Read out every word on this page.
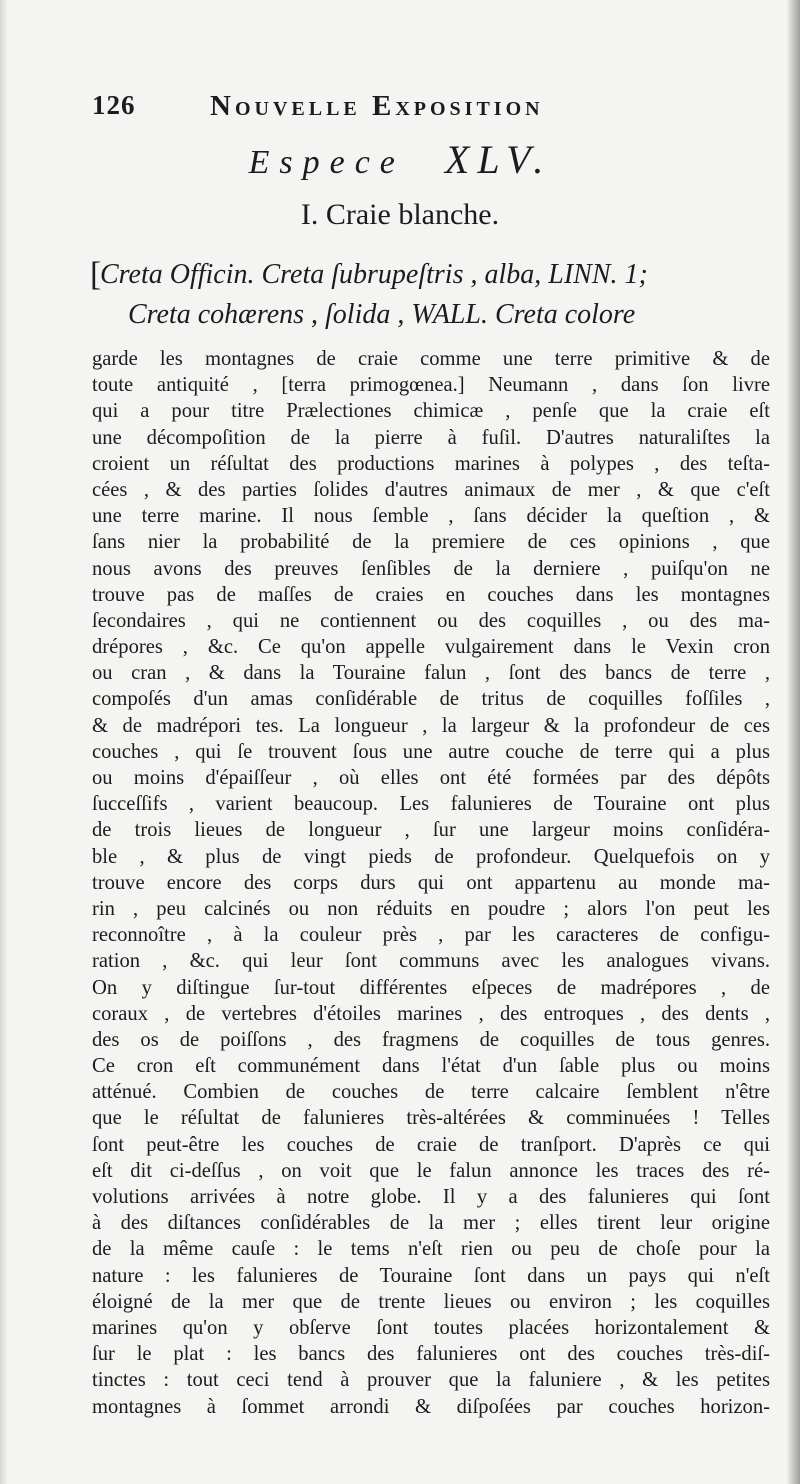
126	Nouvelle Exposition
Espece XLV.
I. Craie blanche.
[
Creta Officin. Creta ſubrupeſtris , alba, LINN. 1;
Creta cohærens , ſolida , WALL. Creta colore
garde les montagnes de craie comme une terre primitive & de
toute antiquité , [terra primogœnea.] Neumann , dans ſon livre
qui a pour titre Prælectiones chimicæ , penſe que la craie eſt
une décompoſition de la pierre à fuſil. D'autres naturaliſtes la
croient un réſultat des productions marines à polypes , des teſta-
cées , & des parties ſolides d'autres animaux de mer , & que c'eſt
une terre marine. Il nous ſemble , ſans décider la queſtion , &
ſans nier la probabilité de la premiere de ces opinions , que
nous avons des preuves ſenſibles de la derniere , puiſqu'on ne
trouve pas de maſſes de craies en couches dans les montagnes
ſecondaires , qui ne contiennent ou des coquilles , ou des ma-
drépores , &c. Ce qu'on appelle vulgairement dans le Vexin cron
ou cran , & dans la Touraine falun , ſont des bancs de terre ,
compoſés d'un amas conſidérable de tritus de coquilles foſſiles ,
& de madrépori tes. La longueur , la largeur & la profondeur de ces
couches , qui ſe trouvent ſous une autre couche de terre qui a plus
ou moins d'épaiſſeur , où elles ont été formées par des dépôts
ſucceſſifs , varient beaucoup. Les falunieres de Touraine ont plus
de trois lieues de longueur , ſur une largeur moins conſidéra-
ble , & plus de vingt pieds de profondeur. Quelquefois on y
trouve encore des corps durs qui ont appartenu au monde ma-
rin , peu calcinés ou non réduits en poudre ; alors l'on peut les
reconnoître , à la couleur près , par les caracteres de configu-
ration , &c. qui leur ſont communs avec les analogues vivans.
On y diſtingue ſur-tout différentes eſpeces de madrépores , de
coraux , de vertebres d'étoiles marines , des entroques , des dents ,
des os de poiſſons , des fragmens de coquilles de tous genres.
Ce cron eſt communément dans l'état d'un ſable plus ou moins
atténué. Combien de couches de terre calcaire ſemblent n'être
que le réſultat de falunieres très-altérées & comminuées ! Telles
ſont peut-être les couches de craie de tranſport. D'après ce qui
eſt dit ci-deſſus , on voit que le falun annonce les traces des ré-
volutions arrivées à notre globe. Il y a des falunieres qui ſont
à des diſtances conſidérables de la mer ; elles tirent leur origine
de la même cauſe : le tems n'eſt rien ou peu de choſe pour la
nature : les falunieres de Touraine ſont dans un pays qui n'eſt
éloigné de la mer que de trente lieues ou environ ; les coquilles
marines qu'on y obſerve ſont toutes placées horizontalement &
ſur le plat : les bancs des falunieres ont des couches très-diſ-
tinctes : tout ceci tend à prouver que la faluniere , & les petites
montagnes à ſommet arrondi & diſpoſées par couches horizon-
